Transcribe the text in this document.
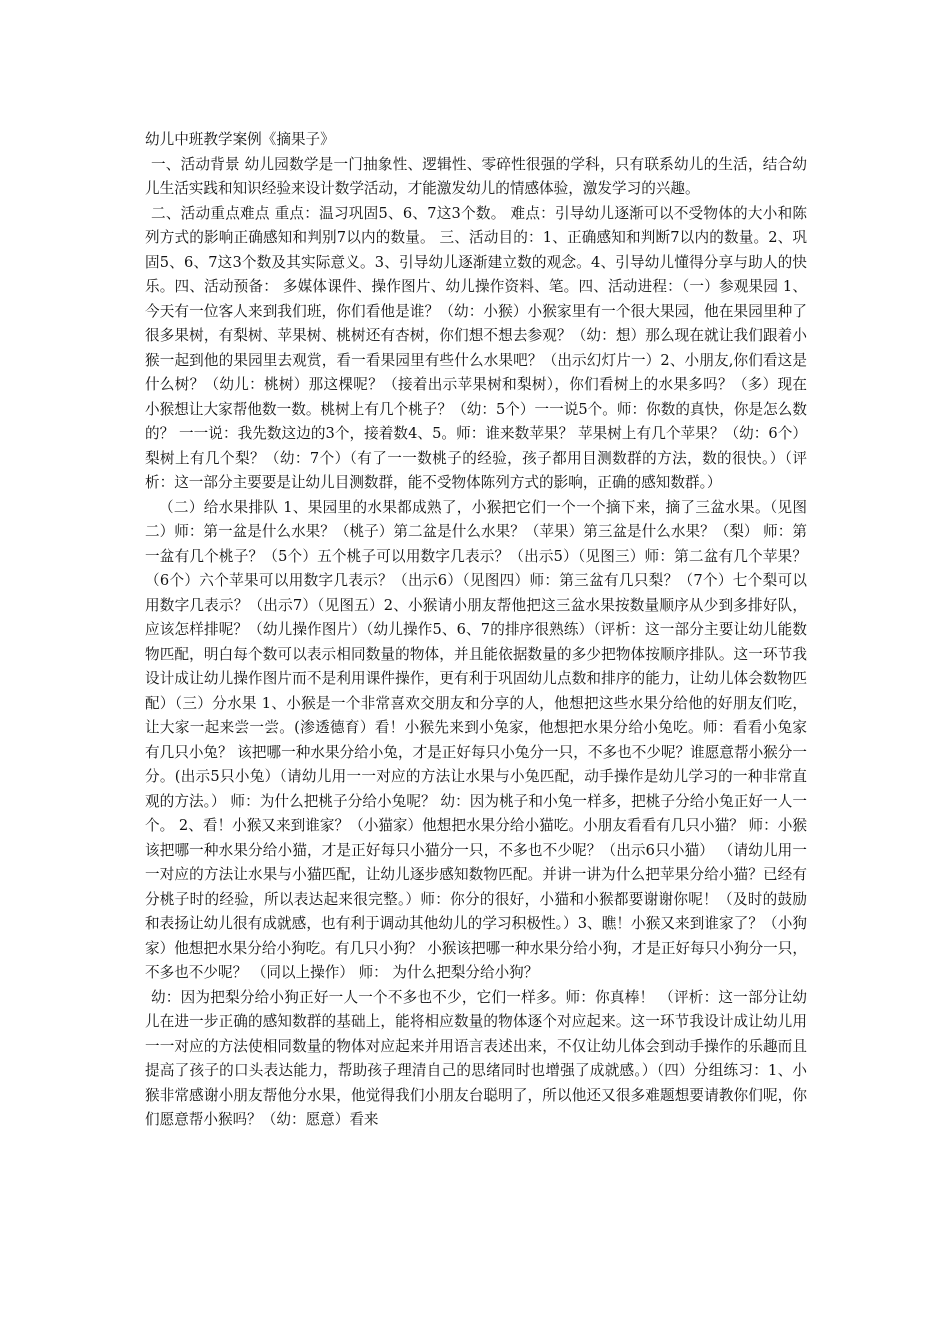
幼儿中班教学案例《摘果子》

一、活动背景 幼儿园数学是一门抽象性、逻辑性、零碎性很强的学科，只有联系幼儿的生活，结合幼儿生活实践和知识经验来设计数学活动，才能激发幼儿的情感体验，激发学习的兴趣。

二、活动重点难点 重点：温习巩固5、6、7这3个数。 难点：引导幼儿逐渐可以不受物体的大小和陈列方式的影响正确感知和判别7以内的数量。 三、活动目的：1、正确感知和判断7以内的数量。2、巩固5、6、7这3个数及其实际意义。3、引导幼儿逐渐建立数的观念。4、引导幼儿懂得分享与助人的快乐。四、活动预备： 多媒体课件、操作图片、幼儿操作资料、笔。四、活动进程：（一）参观果园 1、今天有一位客人来到我们班，你们看他是谁？（幼：小猴）小猴家里有一个很大果园，他在果园里种了很多果树，有梨树、苹果树、桃树还有杏树，你们想不想去参观？（幼：想）那么现在就让我们跟着小猴一起到他的果园里去观赏，看一看果园里有些什么水果吧？（出示幻灯片一）2、小朋友,你们看这是什么树？（幼儿：桃树）那这棵呢？（接着出示苹果树和梨树），你们看树上的水果多吗？（多）现在小猴想让大家帮他数一数。桃树上有几个桃子？（幼：5个）一一说5个。师：你数的真快，你是怎么数的？ 一一说：我先数这边的3个，接着数4、5。师：谁来数苹果？ 苹果树上有几个苹果？（幼：6个）梨树上有几个梨？（幼：7个）（有了一一数桃子的经验，孩子都用目测数群的方法，数的很快。）（评析：这一部分主要要是让幼儿目测数群，能不受物体陈列方式的影响，正确的感知数群。）

（二）给水果排队 1、果园里的水果都成熟了，小猴把它们一个一个摘下来，摘了三盆水果。（见图二）师：第一盆是什么水果？（桃子）第二盆是什么水果？（苹果）第三盆是什么水果？（梨） 师：第一盆有几个桃子？（5个）五个桃子可以用数字几表示？（出示5）（见图三）师：第二盆有几个苹果？（6个）六个苹果可以用数字几表示？（出示6）（见图四）师：第三盆有几只梨？（7个）七个梨可以用数字几表示？（出示7）（见图五）2、小猴请小朋友帮他把这三盆水果按数量顺序从少到多排好队，应该怎样排呢？（幼儿操作图片）（幼儿操作5、6、7的排序很熟练）（评析：这一部分主要让幼儿能数物匹配，明白每个数可以表示相同数量的物体，并且能依据数量的多少把物体按顺序排队。这一环节我设计成让幼儿操作图片而不是利用课件操作，更有利于巩固幼儿点数和排序的能力，让幼儿体会数物匹配）（三）分水果 1、小猴是一个非常喜欢交朋友和分享的人，他想把这些水果分给他的好朋友们吃，让大家一起来尝一尝。(渗透德育）看！小猴先来到小兔家，他想把水果分给小兔吃。师：看看小兔家有几只小兔？ 该把哪一种水果分给小兔，才是正好每只小兔分一只，不多也不少呢？谁愿意帮小猴分一分。(出示5只小兔）（请幼儿用一一对应的方法让水果与小兔匹配，动手操作是幼儿学习的一种非常直观的方法。） 师：为什么把桃子分给小兔呢？ 幼：因为桃子和小兔一样多，把桃子分给小兔正好一人一个。 2、看！小猴又来到谁家？（小猫家）他想把水果分给小猫吃。小朋友看看有几只小猫？ 师：小猴该把哪一种水果分给小猫，才是正好每只小猫分一只，不多也不少呢？（出示6只小猫） （请幼儿用一一对应的方法让水果与小猫匹配，让幼儿逐步感知数物匹配。并讲一讲为什么把苹果分给小猫？已经有分桃子时的经验，所以表达起来很完整。）师：你分的很好，小猫和小猴都要谢谢你呢！（及时的鼓励和表扬让幼儿很有成就感，也有利于调动其他幼儿的学习积极性。）3、瞧！小猴又来到谁家了？（小狗家）他想把水果分给小狗吃。有几只小狗？ 小猴该把哪一种水果分给小狗，才是正好每只小狗分一只， 不多也不少呢？ （同以上操作） 师： 为什么把梨分给小狗？

幼：因为把梨分给小狗正好一人一个不多也不少，它们一样多。师：你真棒！ （评析：这一部分让幼儿在进一步正确的感知数群的基础上，能将相应数量的物体逐个对应起来。这一环节我设计成让幼儿用一一对应的方法使相同数量的物体对应起来并用语言表述出来，不仅让幼儿体会到动手操作的乐趣而且提高了孩子的口头表达能力，帮助孩子理清自己的思绪同时也增强了成就感。）（四）分组练习：1、小猴非常感谢小朋友帮他分水果，他觉得我们小朋友台聪明了，所以他还又很多难题想要请教你们呢，你们愿意帮小猴吗？（幼：愿意）看来
